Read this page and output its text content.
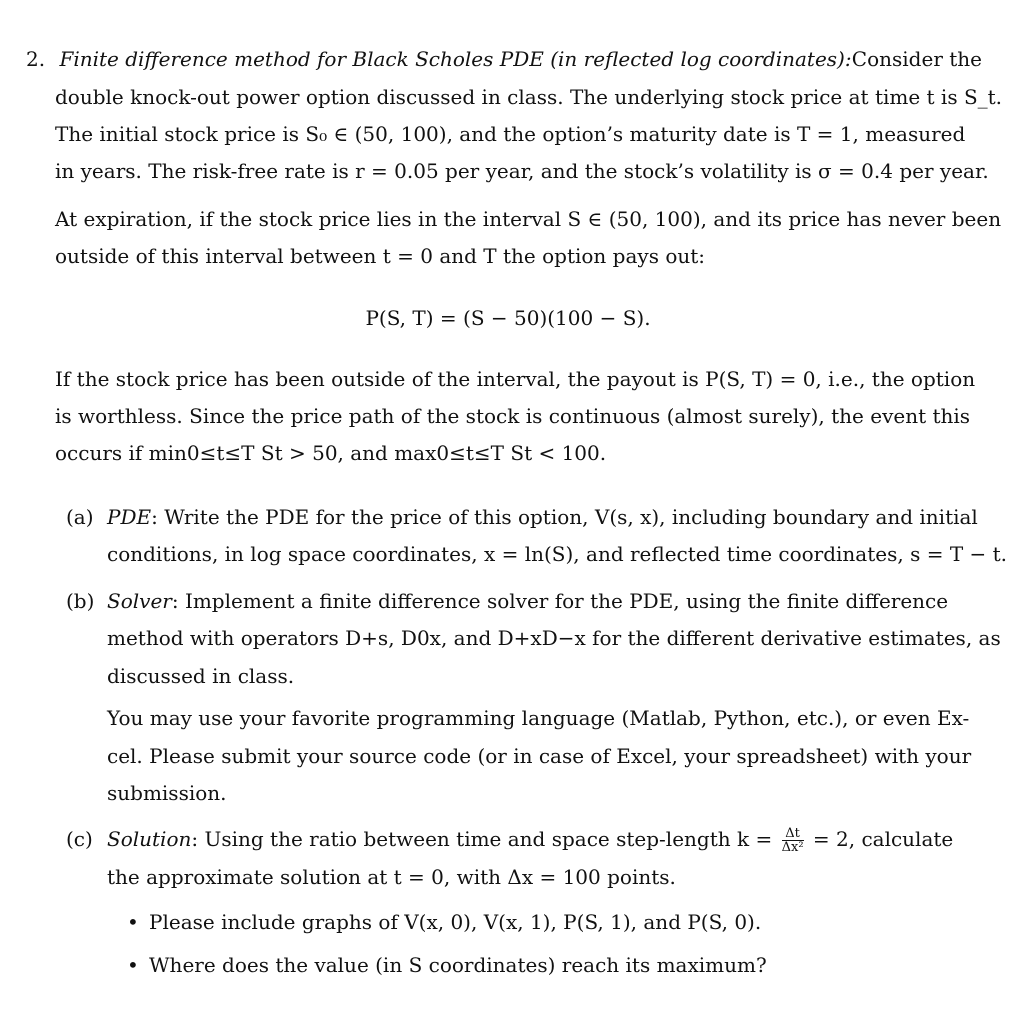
2. Finite difference method for Black Scholes PDE (in reflected log coordinates): Consider the
double knock-out power option discussed in class. The underlying stock price at time t is S_t.
The initial stock price is S₀ ∈ (50, 100), and the option’s maturity date is T = 1, measured
in years. The risk-free rate is r = 0.05 per year, and the stock’s volatility is σ = 0.4 per year.
At expiration, if the stock price lies in the interval S ∈ (50, 100), and its price has never been
outside of this interval between t = 0 and T the option pays out:
P(S, T) = (S − 50)(100 − S).
If the stock price has been outside of the interval, the payout is P(S, T) = 0, i.e., the option
is worthless. Since the price path of the stock is continuous (almost surely), the event this
occurs if min0≤t≤T St > 50, and max0≤t≤T St < 100.
(a) PDE: Write the PDE for the price of this option, V(s, x), including boundary and initial
conditions, in log space coordinates, x = ln(S), and reflected time coordinates, s = T − t.
(b) Solver: Implement a finite difference solver for the PDE, using the finite difference
method with operators D+s, D0x, and D+xD−x for the different derivative estimates, as
discussed in class.
You may use your favorite programming language (Matlab, Python, etc.), or even Ex-
cel. Please submit your source code (or in case of Excel, your spreadsheet) with your
submission.
(c) Solution: Using the ratio between time and space step-length $k = \frac{\Delta t}{\text{Δx²}} = 2$, calculate
the approximate solution at t = 0, with Δx = 100 points.
• Please include graphs of V(x, 0), V(x, 1), P(S, 1), and P(S, 0).
• Where does the value (in S coordinates) reach its maximum?
